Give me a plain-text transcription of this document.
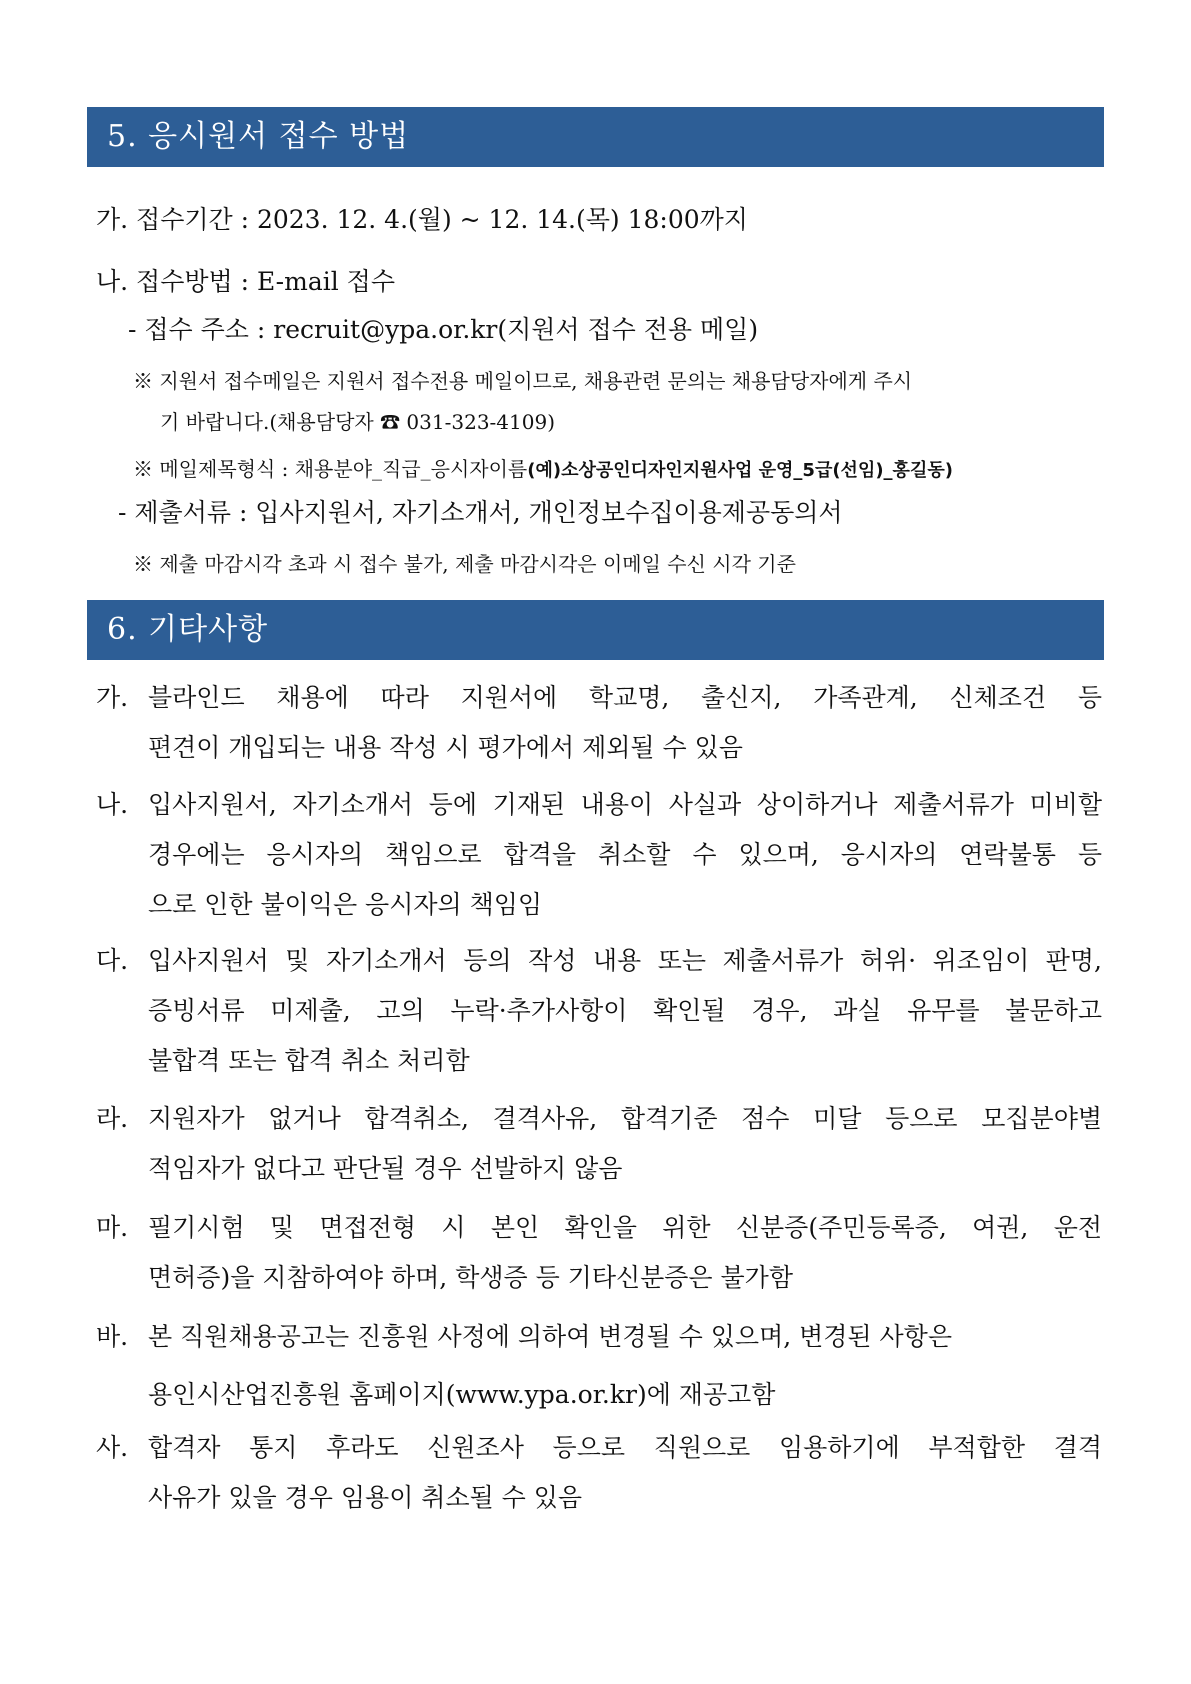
5. 응시원서 접수 방법
가. 접수기간 : 2023. 12. 4.(월) ~ 12. 14.(목) 18:00까지
나. 접수방법 : E-mail 접수
- 접수 주소 : recruit@ypa.or.kr(지원서 접수 전용 메일)
※ 지원서 접수메일은 지원서 접수전용 메일이므로, 채용관련 문의는 채용담당자에게 주시
기 바랍니다.(채용담당자 ☎ 031-323-4109)
※ 메일제목형식 : 채용분야_직급_응시자이름(예)소상공인디자인지원사업 운영_5급(선임)_홍길동)
- 제출서류 : 입사지원서, 자기소개서, 개인정보수집이용제공동의서
※ 제출 마감시각 초과 시 접수 불가, 제출 마감시각은 이메일 수신 시각 기준
6. 기타사항
가. 블라인드 채용에 따라 지원서에 학교명, 출신지, 가족관계, 신체조건 등
편견이 개입되는 내용 작성 시 평가에서 제외될 수 있음
나. 입사지원서, 자기소개서 등에 기재된 내용이 사실과 상이하거나 제출서류가 미비할
경우에는 응시자의 책임으로 합격을 취소할 수 있으며, 응시자의 연락불통 등
으로 인한 불이익은 응시자의 책임임
다. 입사지원서 및 자기소개서 등의 작성 내용 또는 제출서류가 허위· 위조임이 판명,
증빙서류 미제출, 고의 누락·추가사항이 확인될 경우, 과실 유무를 불문하고
불합격 또는 합격 취소 처리함
라. 지원자가 없거나 합격취소, 결격사유, 합격기준 점수 미달 등으로 모집분야별
적임자가 없다고 판단될 경우 선발하지 않음
마. 필기시험 및 면접전형 시 본인 확인을 위한 신분증(주민등록증, 여권, 운전
면허증)을 지참하여야 하며, 학생증 등 기타신분증은 불가함
바. 본 직원채용공고는 진흥원 사정에 의하여 변경될 수 있으며, 변경된 사항은
용인시산업진흥원 홈페이지(www.ypa.or.kr)에 재공고함
사. 합격자 통지 후라도 신원조사 등으로 직원으로 임용하기에 부적합한 결격
사유가 있을 경우 임용이 취소될 수 있음
